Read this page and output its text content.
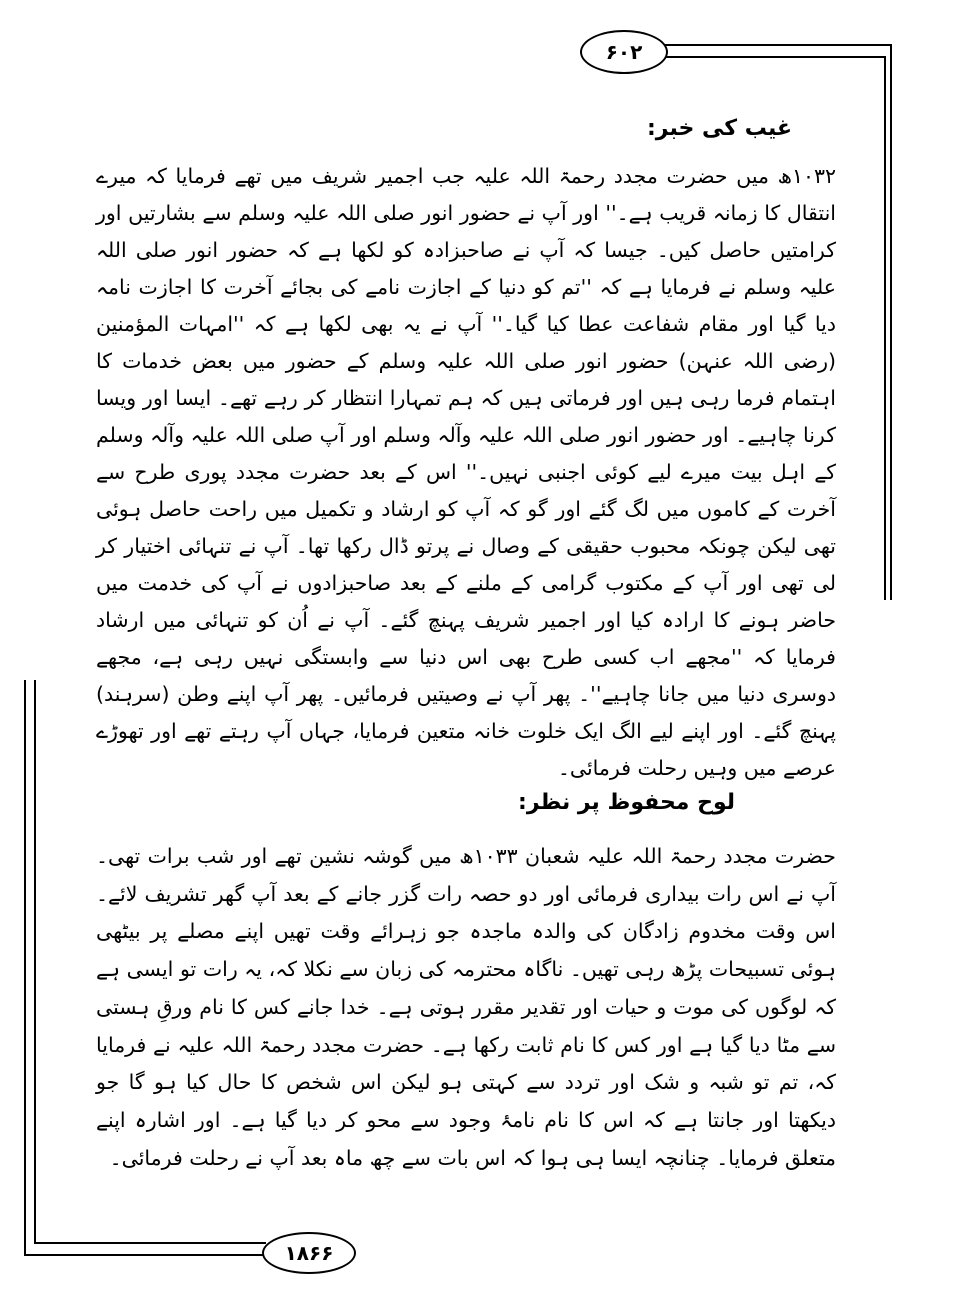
۶۰۲
غیب کی خبر:

۱۰۳۲ھ میں حضرت مجدد رحمۃ اللہ علیہ جب اجمیر شریف میں تھے فرمایا کہ میرے انتقال کا زمانہ قریب ہے۔'' اور آپ نے حضور انور صلی اللہ علیہ وسلم سے بشارتیں اور کرامتیں حاصل کیں۔ جیسا کہ آپ نے صاحبزادہ کو لکھا ہے کہ حضور انور صلی اللہ علیہ وسلم نے فرمایا ہے کہ ''تم کو دنیا کے اجازت نامے کی بجائے آخرت کا اجازت نامہ دیا گیا اور مقام شفاعت عطا کیا گیا۔'' آپ نے یہ بھی لکھا ہے کہ ''امہات المؤمنین (رضی اللہ عنہن) حضور انور صلی اللہ علیہ وسلم کے حضور میں بعض خدمات کا اہتمام فرما رہی ہیں اور فرماتی ہیں کہ ہم تمہارا انتظار کر رہے تھے۔ ایسا اور ویسا کرنا چاہیے۔ اور حضور انور صلی اللہ علیہ وآلہ وسلم اور آپ صلی اللہ علیہ وآلہ وسلم کے اہل بیت میرے لیے کوئی اجنبی نہیں۔'' اس کے بعد حضرت مجدد پوری طرح سے آخرت کے کاموں میں لگ گئے اور گو کہ آپ کو ارشاد و تکمیل میں راحت حاصل ہوئی تھی لیکن چونکہ محبوب حقیقی کے وصال نے پرتو ڈال رکھا تھا۔ آپ نے تنہائی اختیار کر لی تھی اور آپ کے مکتوب گرامی کے ملنے کے بعد صاحبزادوں نے آپ کی خدمت میں حاضر ہونے کا ارادہ کیا اور اجمیر شریف پہنچ گئے۔ آپ نے اُن کو تنہائی میں ارشاد فرمایا کہ ''مجھے اب کسی طرح بھی اس دنیا سے وابستگی نہیں رہی ہے، مجھے دوسری دنیا میں جانا چاہیے''۔ پھر آپ نے وصیتیں فرمائیں۔ پھر آپ اپنے وطن (سرہند) پہنچ گئے۔ اور اپنے لیے الگ ایک خلوت خانہ متعین فرمایا، جہاں آپ رہتے تھے اور تھوڑے عرصے میں وہیں رحلت فرمائی۔

لوح محفوظ پر نظر:

حضرت مجدد رحمۃ اللہ علیہ شعبان ۱۰۳۳ھ میں گوشہ نشین تھے اور شب برات تھی۔ آپ نے اس رات بیداری فرمائی اور دو حصہ رات گزر جانے کے بعد آپ گھر تشریف لائے۔ اس وقت مخدوم زادگان کی والدہ ماجدہ جو زہرائے وقت تھیں اپنے مصلے پر بیٹھی ہوئی تسبیحات پڑھ رہی تھیں۔ ناگاہ محترمہ کی زبان سے نکلا کہ، یہ رات تو ایسی ہے کہ لوگوں کی موت و حیات اور تقدیر مقرر ہوتی ہے۔ خدا جانے کس کا نام ورقِ ہستی سے مٹا دیا گیا ہے اور کس کا نام ثابت رکھا ہے۔ حضرت مجدد رحمۃ اللہ علیہ نے فرمایا کہ، تم تو شبہ و شک اور تردد سے کہتی ہو لیکن اس شخص کا حال کیا ہو گا جو دیکھتا اور جانتا ہے کہ اس کا نام نامۂ وجود سے محو کر دیا گیا ہے۔ اور اشارہ اپنے متعلق فرمایا۔ چنانچہ ایسا ہی ہوا کہ اس بات سے چھ ماہ بعد آپ نے رحلت فرمائی۔

۱۸۶۶
